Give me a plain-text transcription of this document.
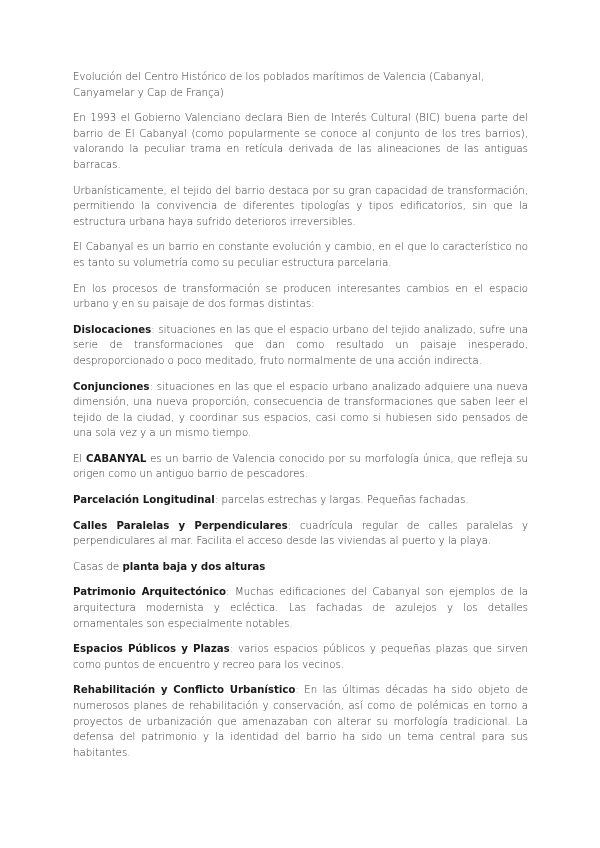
Evolución del Centro Histórico de los poblados marítimos de Valencia (Cabanyal, Canyamelar y Cap de França)

En 1993 el Gobierno Valenciano declara Bien de Interés Cultural (BIC) buena parte del barrio de El Cabanyal (como popularmente se conoce al conjunto de los tres barrios), valorando la peculiar trama en retícula derivada de las alineaciones de las antiguas barracas.

Urbanísticamente, el tejido del barrio destaca por su gran capacidad de transformación, permitiendo la convivencia de diferentes tipologías y tipos edificatorios, sin que la estructura urbana haya sufrido deterioros irreversibles.

El Cabanyal es un barrio en constante evolución y cambio, en el que lo característico no es tanto su volumetría como su peculiar estructura parcelaria.

En los procesos de transformación se producen interesantes cambios en el espacio urbano y en su paisaje de dos formas distintas:

Dislocaciones: situaciones en las que el espacio urbano del tejido analizado, sufre una serie de transformaciones que dan como resultado un paisaje inesperado, desproporcionado o poco meditado, fruto normalmente de una acción indirecta.

Conjunciones: situaciones en las que el espacio urbano analizado adquiere una nueva dimensión, una nueva proporción, consecuencia de transformaciones que saben leer el tejido de la ciudad, y coordinar sus espacios, casi como si hubiesen sido pensados de una sola vez y a un mismo tiempo.

El CABANYAL es un barrio de Valencia conocido por su morfología única, que refleja su origen como un antiguo barrio de pescadores.

Parcelación Longitudinal: parcelas estrechas y largas. Pequeñas fachadas.

Calles Paralelas y Perpendiculares: cuadrícula regular de calles paralelas y perpendiculares al mar. Facilita el acceso desde las viviendas al puerto y la playa.

Casas de planta baja y dos alturas

Patrimonio Arquitectónico: Muchas edificaciones del Cabanyal son ejemplos de la arquitectura modernista y ecléctica. Las fachadas de azulejos y los detalles ornamentales son especialmente notables.

Espacios Públicos y Plazas: varios espacios públicos y pequeñas plazas que sirven como puntos de encuentro y recreo para los vecinos.

Rehabilitación y Conflicto Urbanístico: En las últimas décadas ha sido objeto de numerosos planes de rehabilitación y conservación, así como de polémicas en torno a proyectos de urbanización que amenazaban con alterar su morfología tradicional. La defensa del patrimonio y la identidad del barrio ha sido un tema central para sus habitantes.
